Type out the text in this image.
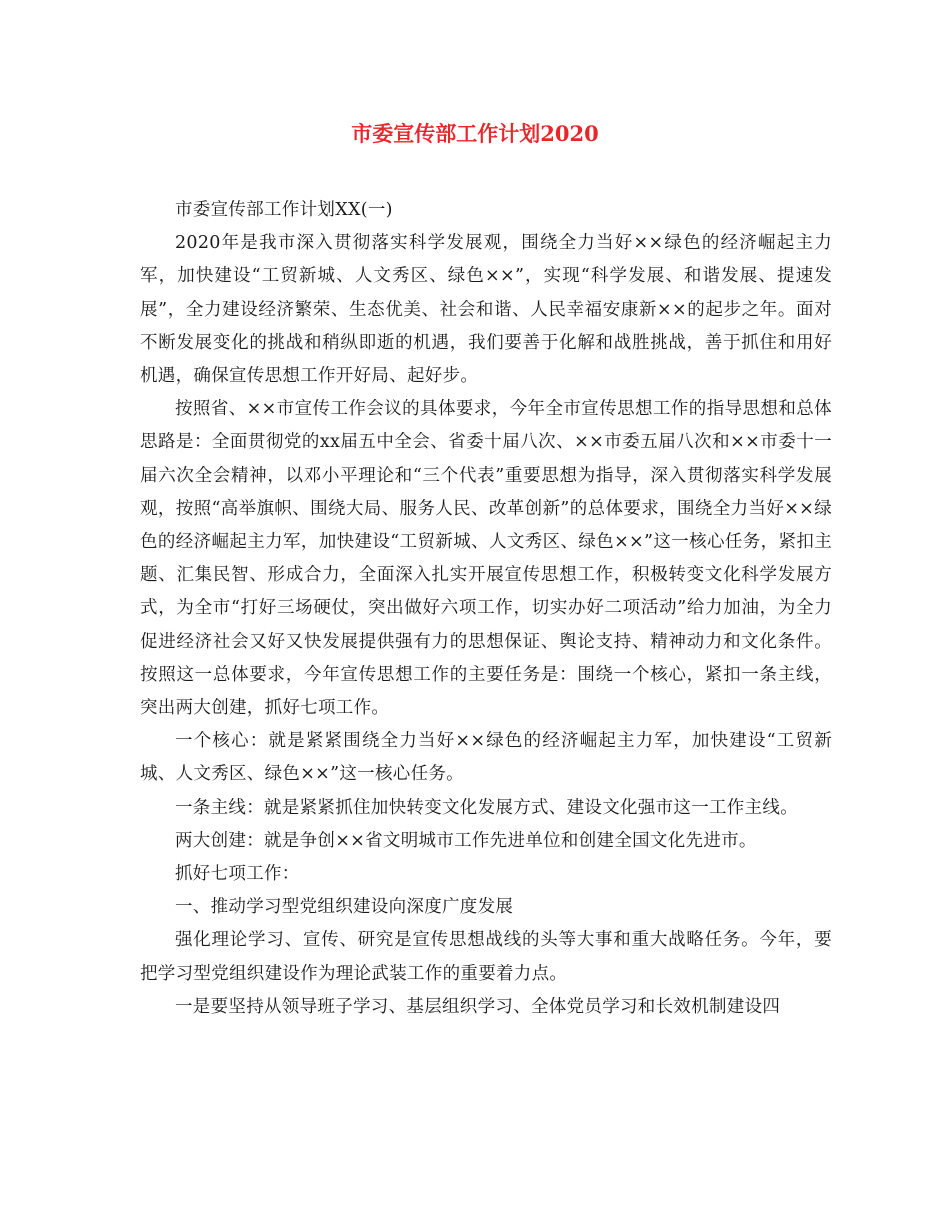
市委宣传部工作计划2020

市委宣传部工作计划XX(一)

2020年是我市深入贯彻落实科学发展观，围绕全力当好××绿色的经济崛起主力军，加快建设“工贸新城、人文秀区、绿色××”，实现“科学发展、和谐发展、提速发展”，全力建设经济繁荣、生态优美、社会和谐、人民幸福安康新××的起步之年。面对不断发展变化的挑战和稍纵即逝的机遇，我们要善于化解和战胜挑战，善于抓住和用好机遇，确保宣传思想工作开好局、起好步。

按照省、××市宣传工作会议的具体要求，今年全市宣传思想工作的指导思想和总体思路是：全面贯彻党的xx届五中全会、省委十届八次、××市委五届八次和××市委十一届六次全会精神，以邓小平理论和“三个代表”重要思想为指导，深入贯彻落实科学发展观，按照“高举旗帜、围绕大局、服务人民、改革创新”的总体要求，围绕全力当好××绿色的经济崛起主力军，加快建设“工贸新城、人文秀区、绿色××”这一核心任务，紧扣主题、汇集民智、形成合力，全面深入扎实开展宣传思想工作，积极转变文化科学发展方式，为全市“打好三场硬仗，突出做好六项工作，切实办好二项活动”给力加油，为全力促进经济社会又好又快发展提供强有力的思想保证、舆论支持、精神动力和文化条件。按照这一总体要求，今年宣传思想工作的主要任务是：围绕一个核心，紧扣一条主线，突出两大创建，抓好七项工作。

一个核心：就是紧紧围绕全力当好××绿色的经济崛起主力军，加快建设“工贸新城、人文秀区、绿色××”这一核心任务。

一条主线：就是紧紧抓住加快转变文化发展方式、建设文化强市这一工作主线。

两大创建：就是争创××省文明城市工作先进单位和创建全国文化先进市。

抓好七项工作：

一、推动学习型党组织建设向深度广度发展

强化理论学习、宣传、研究是宣传思想战线的头等大事和重大战略任务。今年，要把学习型党组织建设作为理论武装工作的重要着力点。

一是要坚持从领导班子学习、基层组织学习、全体党员学习和长效机制建设四
